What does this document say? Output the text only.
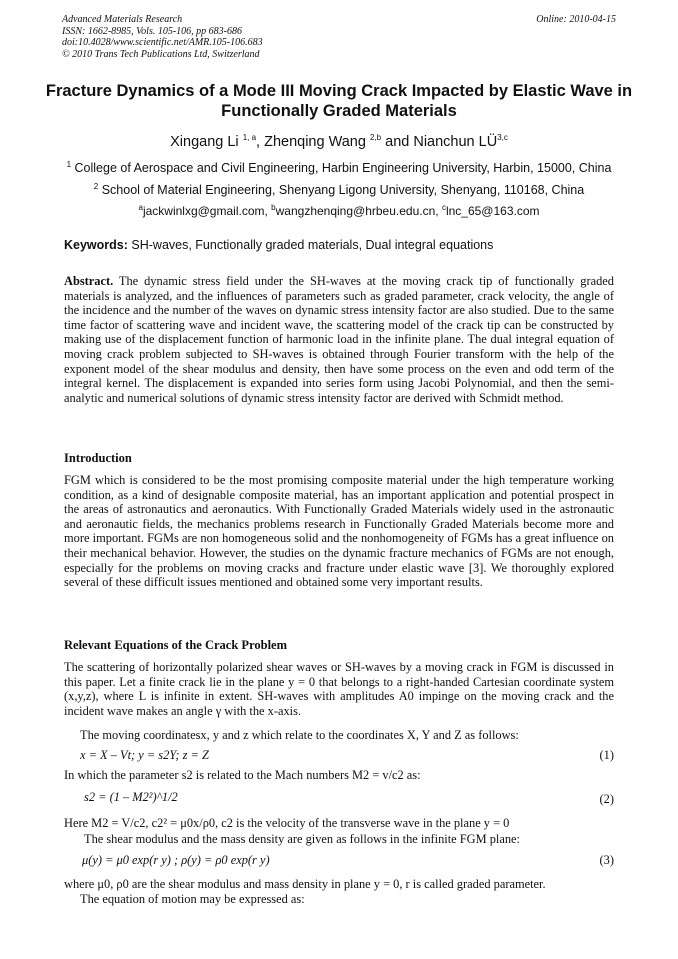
Advanced Materials Research
ISSN: 1662-8985, Vols. 105-106, pp 683-686
doi:10.4028/www.scientific.net/AMR.105-106.683
© 2010 Trans Tech Publications Ltd, Switzerland
Online: 2010-04-15
Fracture Dynamics of a Mode III Moving Crack Impacted by Elastic Wave in Functionally Graded Materials
Xingang Li $^{1, a}$, Zhenqing Wang $^{2,b}$ and Nianchun LÜ$^{3,c}$
$^1$ College of Aerospace and Civil Engineering, Harbin Engineering University, Harbin, 15000, China
$^2$ School of Material Engineering, Shenyang Ligong University, Shenyang, 110168, China
$^a$jackwinlxg@gmail.com, $^b$wangzhenqing@hrbeu.edu.cn, $^c$lnc_65@163.com
Keywords: SH-waves, Functionally graded materials, Dual integral equations
Abstract. The dynamic stress field under the SH-waves at the moving crack tip of functionally graded materials is analyzed, and the influences of parameters such as graded parameter, crack velocity, the angle of the incidence and the number of the waves on dynamic stress intensity factor are also studied. Due to the same time factor of scattering wave and incident wave, the scattering model of the crack tip can be constructed by making use of the displacement function of harmonic load in the infinite plane. The dual integral equation of moving crack problem subjected to SH-waves is obtained through Fourier transform with the help of the exponent model of the shear modulus and density, then have some process on the even and odd term of the integral kernel. The displacement is expanded into series form using Jacobi Polynomial, and then the semi-analytic and numerical solutions of dynamic stress intensity factor are derived with Schmidt method.
Introduction
FGM which is considered to be the most promising composite material under the high temperature working condition, as a kind of designable composite material, has an important application and potential prospect in the areas of astronautics and aeronautics. With Functionally Graded Materials widely used in the astronautic and aeronautic fields, the mechanics problems research in Functionally Graded Materials become more and more important. FGMs are non homogeneous solid and the nonhomogeneity of FGMs has a great influence on their mechanical behavior. However, the studies on the dynamic fracture mechanics of FGMs are not enough, especially for the problems on moving cracks and fracture under elastic wave [3]. We thoroughly explored several of these difficult issues mentioned and obtained some very important results.
Relevant Equations of the Crack Problem
The scattering of horizontally polarized shear waves or SH-waves by a moving crack in FGM is discussed in this paper. Let a finite crack lie in the plane y = 0 that belongs to a right-handed Cartesian coordinate system (x,y,z), where L is infinite in extent. SH-waves with amplitudes A0 impinge on the moving crack and the incident wave makes an angle γ with the x-axis.
The moving coordinatesx, y and z which relate to the coordinates X, Y and Z as follows:
x = X – Vt; y = s2Y; z = Z	(1)
In which the parameter s2 is related to the Mach numbers M2 = v/c2 as:
s2 = (1 – M2²)^1/2	(2)
Here M2 = V/c2, c2² = μ0x/ρ0, c2 is the velocity of the transverse wave in the plane y = 0
The shear modulus and the mass density are given as follows in the infinite FGM plane:
μ(y) = μ0 exp(r y) ; ρ(y) = ρ0 exp(r y)	(3)
where μ0, ρ0 are the shear modulus and mass density in plane y = 0, r is called graded parameter.
The equation of motion may be expressed as:
